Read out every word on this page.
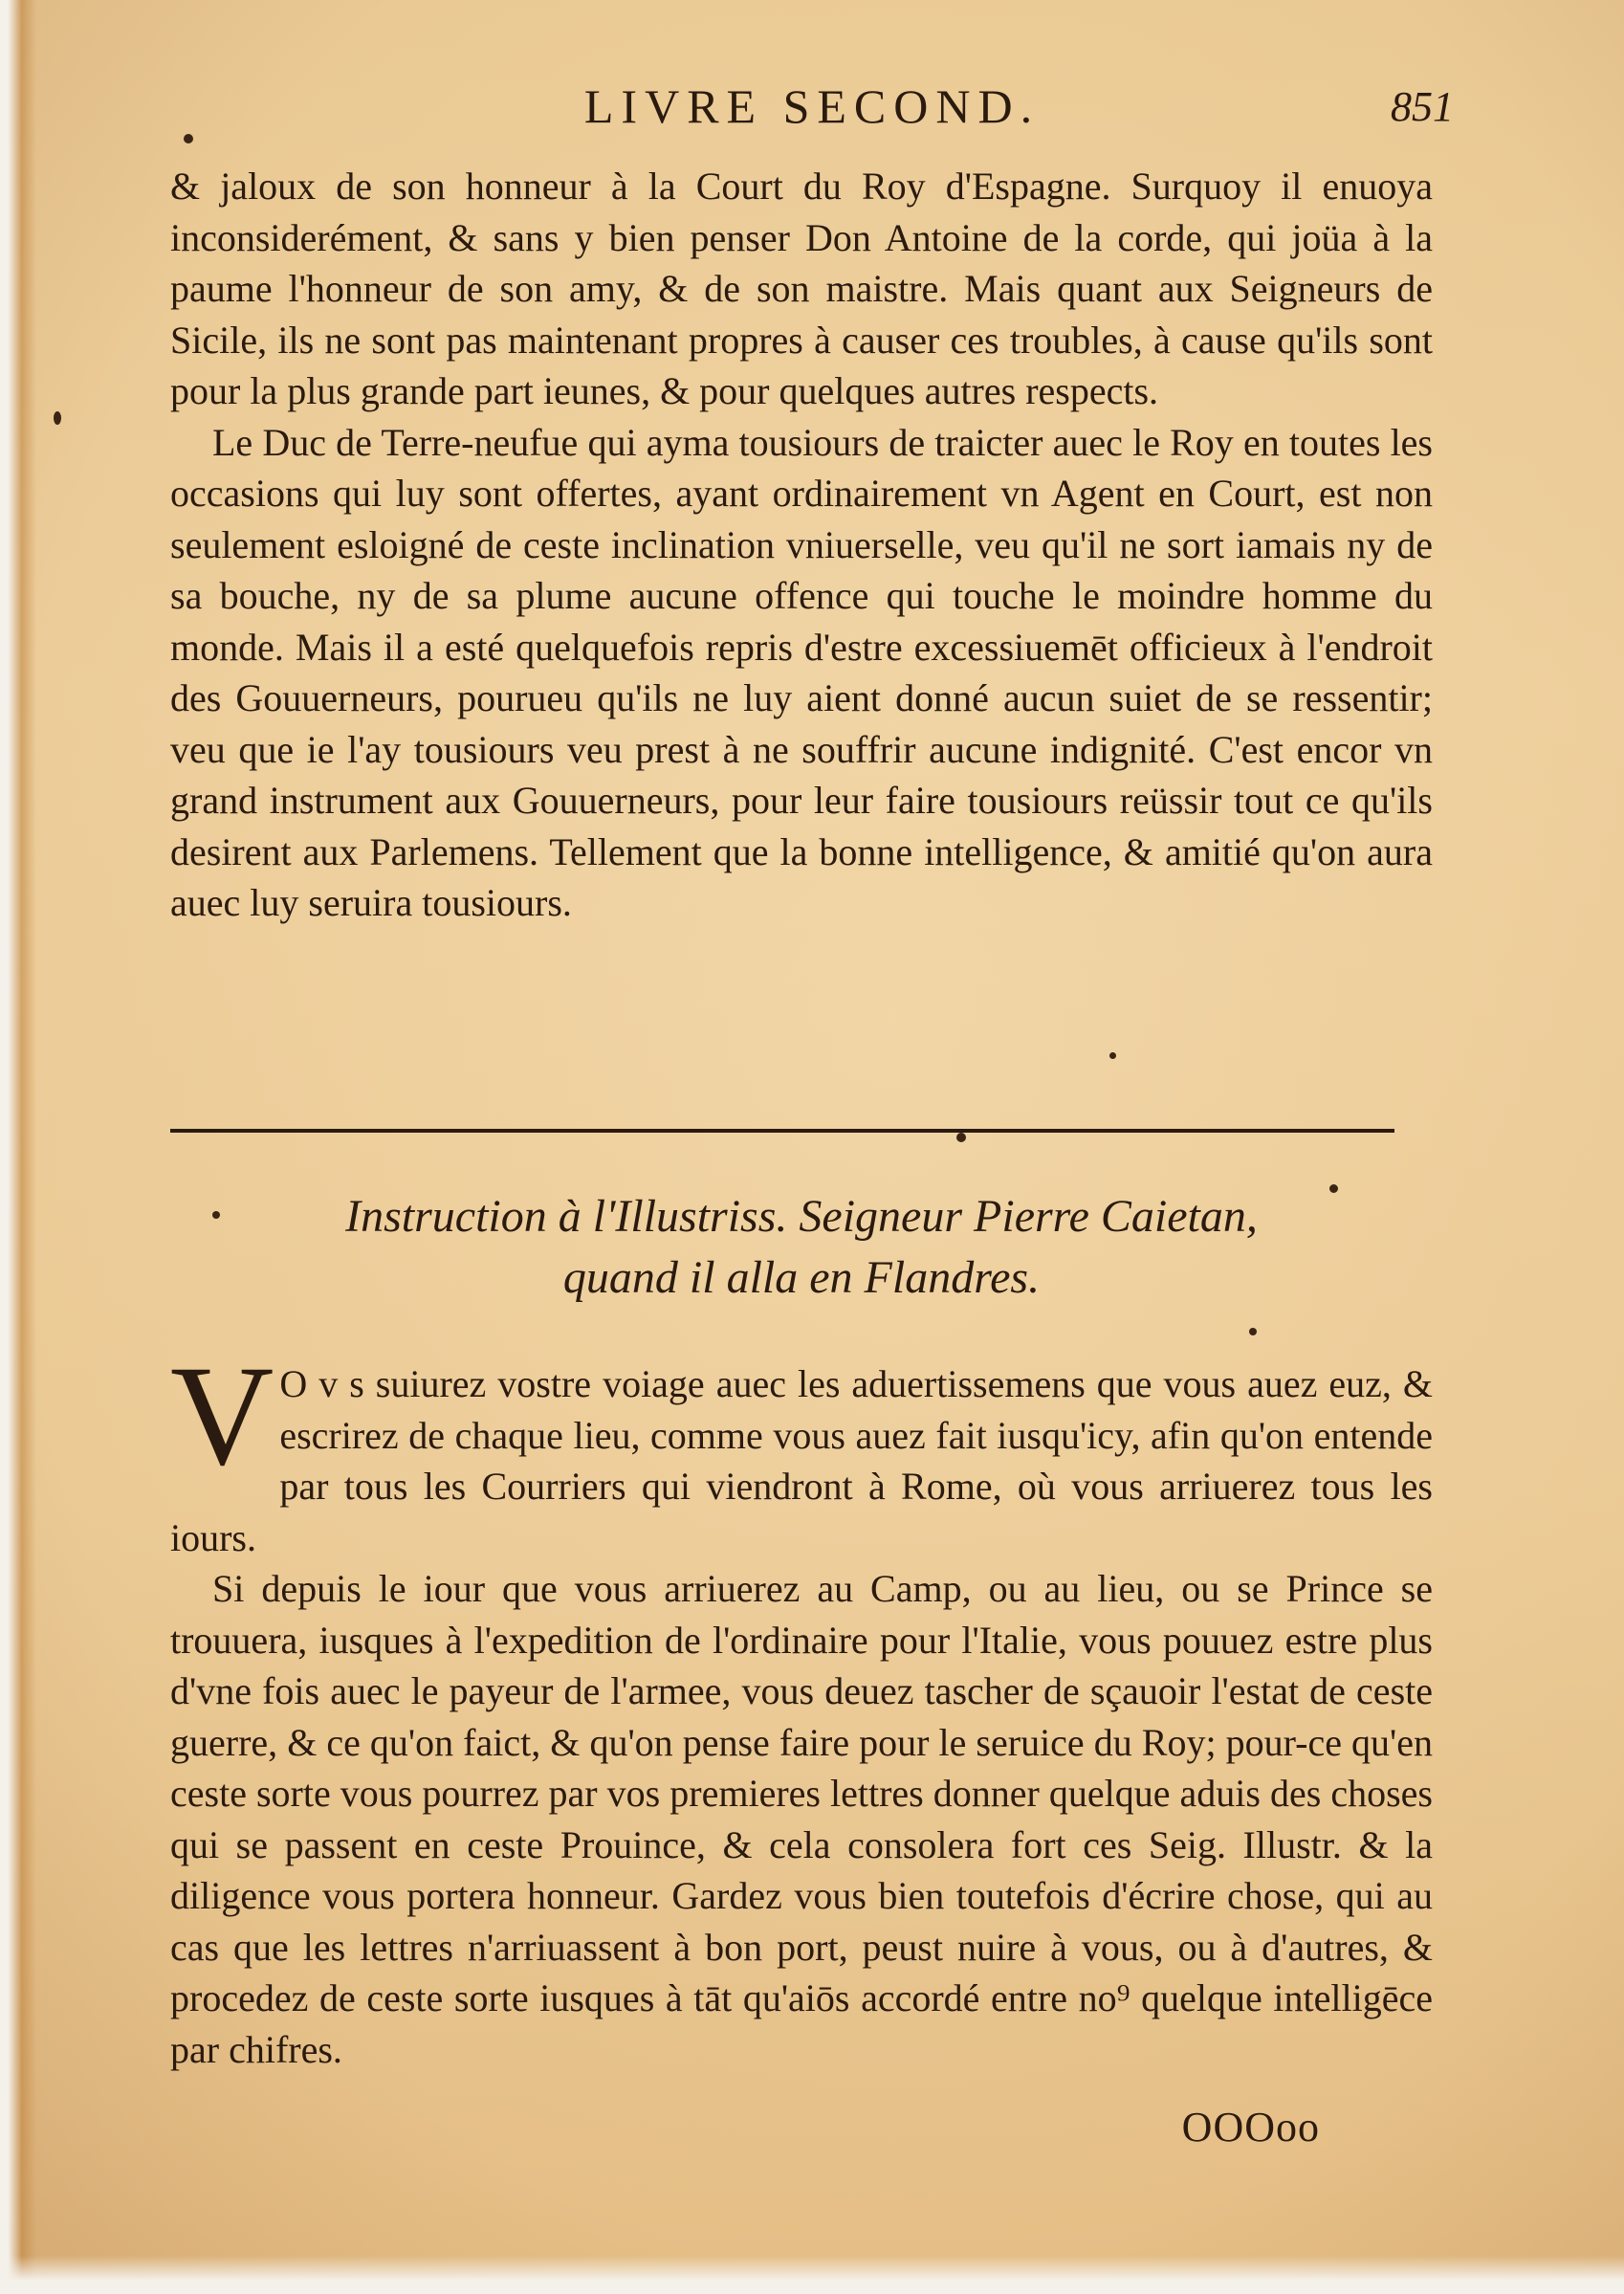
LIVRE SECOND.	851

& jaloux de son honneur à la Court du Roy d'Espagne. Surquoy il enuoya inconsiderément, & sans y bien penser Don Antoine de la corde, qui joüa à la paume l'honneur de son amy, & de son maistre. Mais quant aux Seigneurs de Sicile, ils ne sont pas maintenant propres à causer ces troubles, à cause qu'ils sont pour la plus grande part ieunes, & pour quelques autres respects.

Le Duc de Terre-neufue qui ayma tousiours de traicter auec le Roy en toutes les occasions qui luy sont offertes, ayant ordinairement vn Agent en Court, est non seulement esloigné de ceste inclination vniuerselle, veu qu'il ne sort iamais ny de sa bouche, ny de sa plume aucune offence qui touche le moindre homme du monde. Mais il a esté quelquefois repris d'estre excessiuemēt officieux à l'endroit des Gouuerneurs, pourueu qu'ils ne luy aient donné aucun suiet de se ressentir; veu que ie l'ay tousiours veu prest à ne souffrir aucune indignité. C'est encor vn grand instrument aux Gouuerneurs, pour leur faire tousiours reüssir tout ce qu'ils desirent aux Parlemens. Tellement que la bonne intelligence, & amitié qu'on aura auec luy seruira tousiours.

Instruction à l'Illustriss. Seigneur Pierre Caietan,
quand il alla en Flandres.

V O v s suiurez vostre voiage auec les aduertissemens que vous auez euz, & escrirez de chaque lieu, comme vous auez fait iusqu'icy, afin qu'on entende par tous les Courriers qui viendront à Rome, où vous arriuerez tous les iours.

Si depuis le iour que vous arriuerez au Camp, ou au lieu, ou se Prince se trouuera, iusques à l'expedition de l'ordinaire pour l'Italie, vous pouuez estre plus d'vne fois auec le payeur de l'armee, vous deuez tascher de sçauoir l'estat de ceste guerre, & ce qu'on faict, & qu'on pense faire pour le seruice du Roy; pour-ce qu'en ceste sorte vous pourrez par vos premieres lettres donner quelque aduis des choses qui se passent en ceste Prouince, & cela consolera fort ces Seig. Illustr. & la diligence vous portera honneur. Gardez vous bien toutefois d'écrire chose, qui au cas que les lettres n'arriuassent à bon port, peust nuire à vous, ou à d'autres, & procedez de ceste sorte iusques à tāt qu'aiōs accordé entre no⁹ quelque intelligēce par chifres.

OOOoo
